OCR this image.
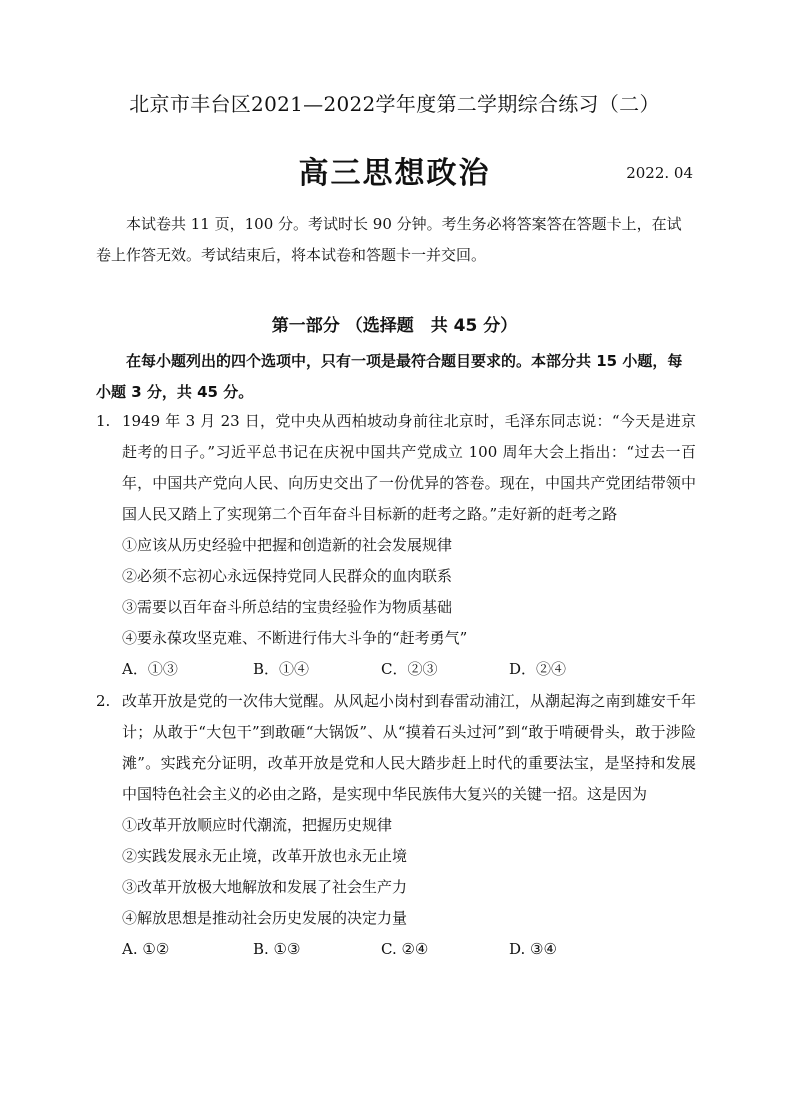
北京市丰台区2021—2022学年度第二学期综合练习（二）
高三思想政治	2022. 04
本试卷共 11 页，100 分。考试时长 90 分钟。考生务必将答案答在答题卡上，在试卷上作答无效。考试结束后，将本试卷和答题卡一并交回。
第一部分 （选择题　共 45 分）
在每小题列出的四个选项中，只有一项是最符合题目要求的。本部分共 15 小题，每小题 3 分，共 45 分。
1. 1949 年 3 月 23 日，党中央从西柏坡动身前往北京时，毛泽东同志说：“今天是进京赶考的日子。”习近平总书记在庆祝中国共产党成立 100 周年大会上指出：“过去一百年，中国共产党向人民、向历史交出了一份优异的答卷。现在，中国共产党团结带领中国人民又踏上了实现第二个百年奋斗目标新的赶考之路。”走好新的赶考之路
①应该从历史经验中把握和创造新的社会发展规律
②必须不忘初心永远保持党同人民群众的血肉联系
③需要以百年奋斗所总结的宝贵经验作为物质基础
④要永葆攻坚克难、不断进行伟大斗争的“赶考勇气”
A．①③	B．①④	C．②③	D．②④
2. 改革开放是党的一次伟大觉醒。从风起小岗村到春雷动浦江，从潮起海之南到雄安千年计；从敢于“大包干”到敢砸“大锅饭”、从“摸着石头过河”到“敢于啃硬骨头，敢于涉险滩”。实践充分证明，改革开放是党和人民大踏步赶上时代的重要法宝，是坚持和发展中国特色社会主义的必由之路，是实现中华民族伟大复兴的关键一招。这是因为
①改革开放顺应时代潮流，把握历史规律
②实践发展永无止境，改革开放也永无止境
③改革开放极大地解放和发展了社会生产力
④解放思想是推动社会历史发展的决定力量
A. ①②	B. ①③	C. ②④	D. ③④
